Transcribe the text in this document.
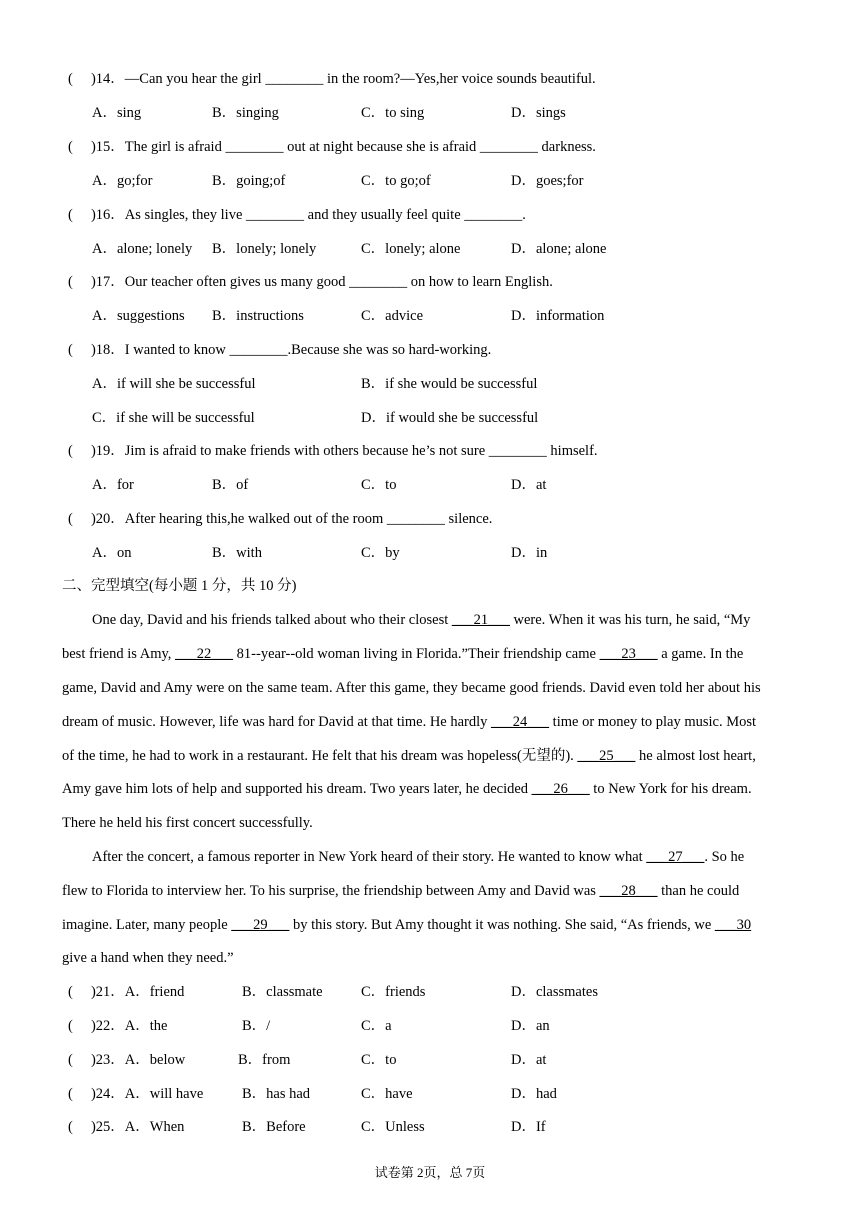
(　 )14．—Can you hear the girl ________ in the room?—Yes,her voice sounds beautiful.
A．sing	B．singing	C．to sing	D．sings
(　 )15．The girl is afraid ________ out at night because she is afraid ________ darkness.
A．go;for	B．going;of	C．to go;of	D．goes;for
(　 )16．As singles, they live ________ and they usually feel quite ________.
A．alone; lonely B．lonely; lonely	C．lonely; alone	D．alone; alone
(　 )17．Our teacher often gives us many good ________ on how to learn English.
A．suggestions B．instructions	C．advice	D．information
(　 )18．I wanted to know ________.Because she was so hard-working.
A．if will she be successful	B．if she would be successful
C．if she will be successful	D．if would she be successful
(　 )19．Jim is afraid to make friends with others because he’s not sure ________ himself.
A．for	B．of	C．to	D．at
(　 )20．After hearing this,he walked out of the room ________ silence.
A．on	B．with	C．by	D．in
二、完型填空(每小题 1 分，共 10 分)
One day, David and his friends talked about who their closest ___21___ were. When it was his turn, he said, “My
best friend is Amy, ___22___ 81--year--old woman living in Florida.”Their friendship came ___23___ a game. In the
game, David and Amy were on the same team. After this game, they became good friends. David even told her about his
dream of music. However, life was hard for David at that time. He hardly ___24___ time or money to play music. Most
of the time, he had to work in a restaurant. He felt that his dream was hopeless(无望的). ___25___ he almost lost heart,
Amy gave him lots of help and supported his dream. Two years later, he decided ___26___ to New York for his dream.
There he held his first concert successfully.
After the concert, a famous reporter in New York heard of their story. He wanted to know what ___27___. So he
flew to Florida to interview her. To his surprise, the friendship between Amy and David was ___28___ than he could
imagine. Later, many people ___29___ by this story. But Amy thought it was nothing. She said, “As friends, we ___30
give a hand when they need.”
(　 )21．A．friend	B．classmate	C．friends	D．classmates
(　 )22．A．the	B．/	C．a	D．an
(　 )23．A．below	B．from	C．to	D．at
(　 )24．A．will have	B．has had	C．have	D．had
(　 )25．A．When	B．Before	C．Unless	D．If
试卷第 2页，总 7页
